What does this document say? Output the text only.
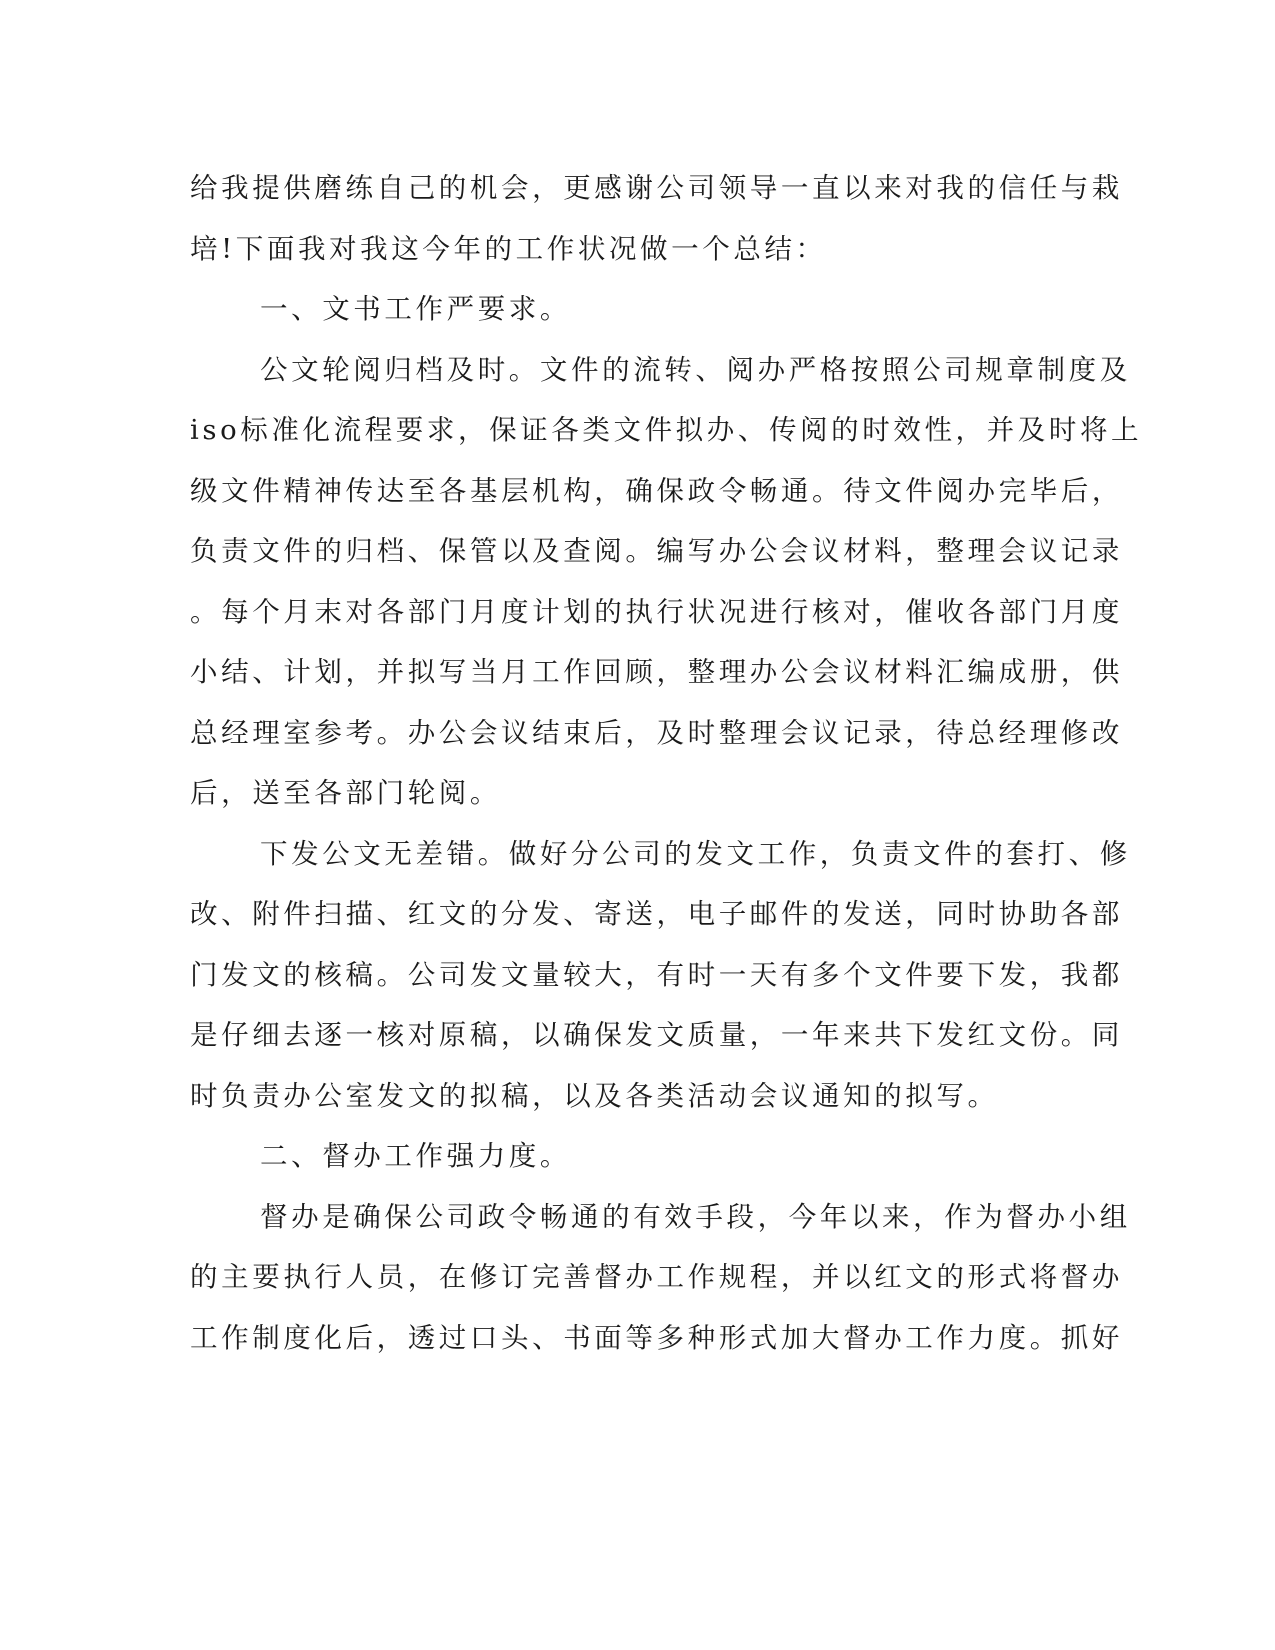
给我提供磨练自己的机会，更感谢公司领导一直以来对我的信任与栽
培!下面我对我这今年的工作状况做一个总结：
一、文书工作严要求。
公文轮阅归档及时。文件的流转、阅办严格按照公司规章制度及
iso标准化流程要求，保证各类文件拟办、传阅的时效性，并及时将上
级文件精神传达至各基层机构，确保政令畅通。待文件阅办完毕后，
负责文件的归档、保管以及查阅。编写办公会议材料，整理会议记录
。每个月末对各部门月度计划的执行状况进行核对，催收各部门月度
小结、计划，并拟写当月工作回顾，整理办公会议材料汇编成册，供
总经理室参考。办公会议结束后，及时整理会议记录，待总经理修改
后，送至各部门轮阅。
下发公文无差错。做好分公司的发文工作，负责文件的套打、修
改、附件扫描、红文的分发、寄送，电子邮件的发送，同时协助各部
门发文的核稿。公司发文量较大，有时一天有多个文件要下发，我都
是仔细去逐一核对原稿，以确保发文质量，一年来共下发红文份。同
时负责办公室发文的拟稿，以及各类活动会议通知的拟写。
二、督办工作强力度。
督办是确保公司政令畅通的有效手段，今年以来，作为督办小组
的主要执行人员，在修订完善督办工作规程，并以红文的形式将督办
工作制度化后，透过口头、书面等多种形式加大督办工作力度。抓好
